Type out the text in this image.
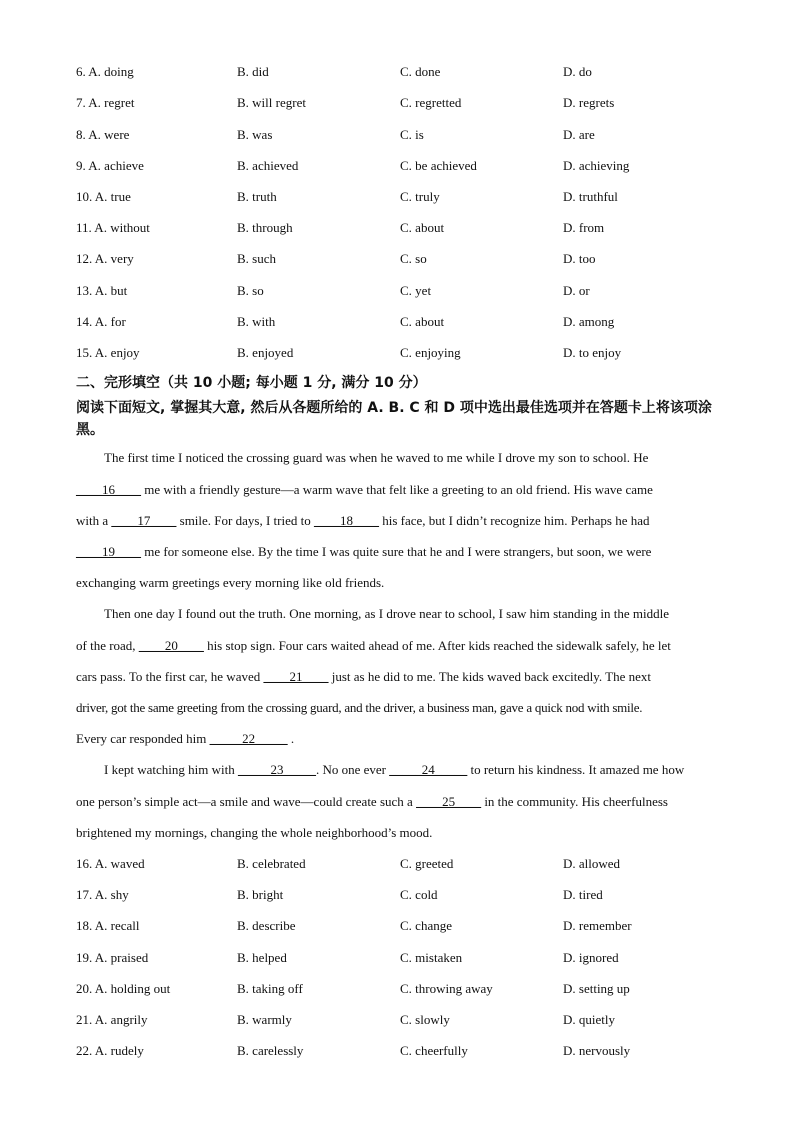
6. A. doing	B. did	C. done	D. do
7. A. regret	B. will regret	C. regretted	D. regrets
8. A. were	B. was	C. is	D. are
9. A. achieve	B. achieved	C. be achieved	D. achieving
10. A. true	B. truth	C. truly	D. truthful
11. A. without	B. through	C. about	D. from
12. A. very	B. such	C. so	D. too
13. A. but	B. so	C. yet	D. or
14. A. for	B. with	C. about	D. among
15. A. enjoy	B. enjoyed	C. enjoying	D. to enjoy
二、完形填空（共 10 小题; 每小题 1 分, 满分 10 分）
阅读下面短文, 掌握其大意, 然后从各题所给的 A. B. C 和 D 项中选出最佳选项并在答题卡上将该项涂黑。
The first time I noticed the crossing guard was when he waved to me while I drove my son to school. He
____16____ me with a friendly gesture—a warm wave that felt like a greeting to an old friend. His wave came
with a ____17____ smile. For days, I tried to ____18____ his face, but I didn’t recognize him. Perhaps he had
____19____ me for someone else. By the time I was quite sure that he and I were strangers, but soon, we were
exchanging warm greetings every morning like old friends.
Then one day I found out the truth. One morning, as I drove near to school, I saw him standing in the middle
of the road, ____20____ his stop sign. Four cars waited ahead of me. After kids reached the sidewalk safely, he let
cars pass. To the first car, he waved ____21____ just as he did to me. The kids waved back excitedly. The next
driver, got the same greeting from the crossing guard, and the driver, a business man, gave a quick nod with smile.
Every car responded him _____22_____ .
I kept watching him with _____23_____. No one ever _____24_____ to return his kindness. It amazed me how
one person’s simple act—a smile and wave—could create such a ____25____ in the community. His cheerfulness
brightened my mornings, changing the whole neighborhood’s mood.
16. A. waved	B. celebrated	C. greeted	D. allowed
17. A. shy	B. bright	C. cold	D. tired
18. A. recall	B. describe	C. change	D. remember
19. A. praised	B. helped	C. mistaken	D. ignored
20. A. holding out	B. taking off	C. throwing away	D. setting up
21. A. angrily	B. warmly	C. slowly	D. quietly
22. A. rudely	B. carelessly	C. cheerfully	D. nervously
